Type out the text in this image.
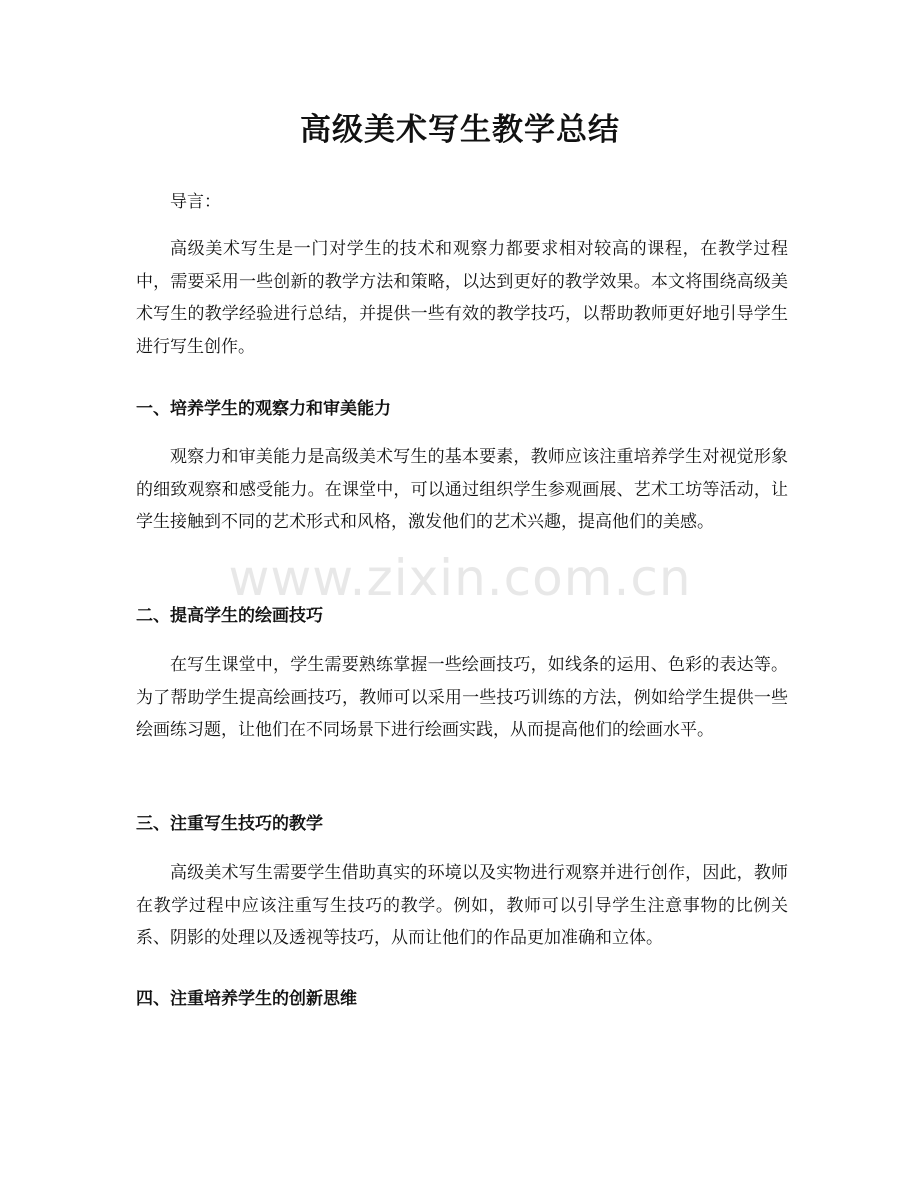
高级美术写生教学总结

导言：

高级美术写生是一门对学生的技术和观察力都要求相对较高的课程，在教学过程中，需要采用一些创新的教学方法和策略，以达到更好的教学效果。本文将围绕高级美术写生的教学经验进行总结，并提供一些有效的教学技巧，以帮助教师更好地引导学生进行写生创作。

一、培养学生的观察力和审美能力

观察力和审美能力是高级美术写生的基本要素，教师应该注重培养学生对视觉形象的细致观察和感受能力。在课堂中，可以通过组织学生参观画展、艺术工坊等活动，让学生接触到不同的艺术形式和风格，激发他们的艺术兴趣，提高他们的美感。

二、提高学生的绘画技巧

在写生课堂中，学生需要熟练掌握一些绘画技巧，如线条的运用、色彩的表达等。为了帮助学生提高绘画技巧，教师可以采用一些技巧训练的方法，例如给学生提供一些绘画练习题，让他们在不同场景下进行绘画实践，从而提高他们的绘画水平。

三、注重写生技巧的教学

高级美术写生需要学生借助真实的环境以及实物进行观察并进行创作，因此，教师在教学过程中应该注重写生技巧的教学。例如，教师可以引导学生注意事物的比例关系、阴影的处理以及透视等技巧，从而让他们的作品更加准确和立体。

四、注重培养学生的创新思维
www.zixin.com.cn
